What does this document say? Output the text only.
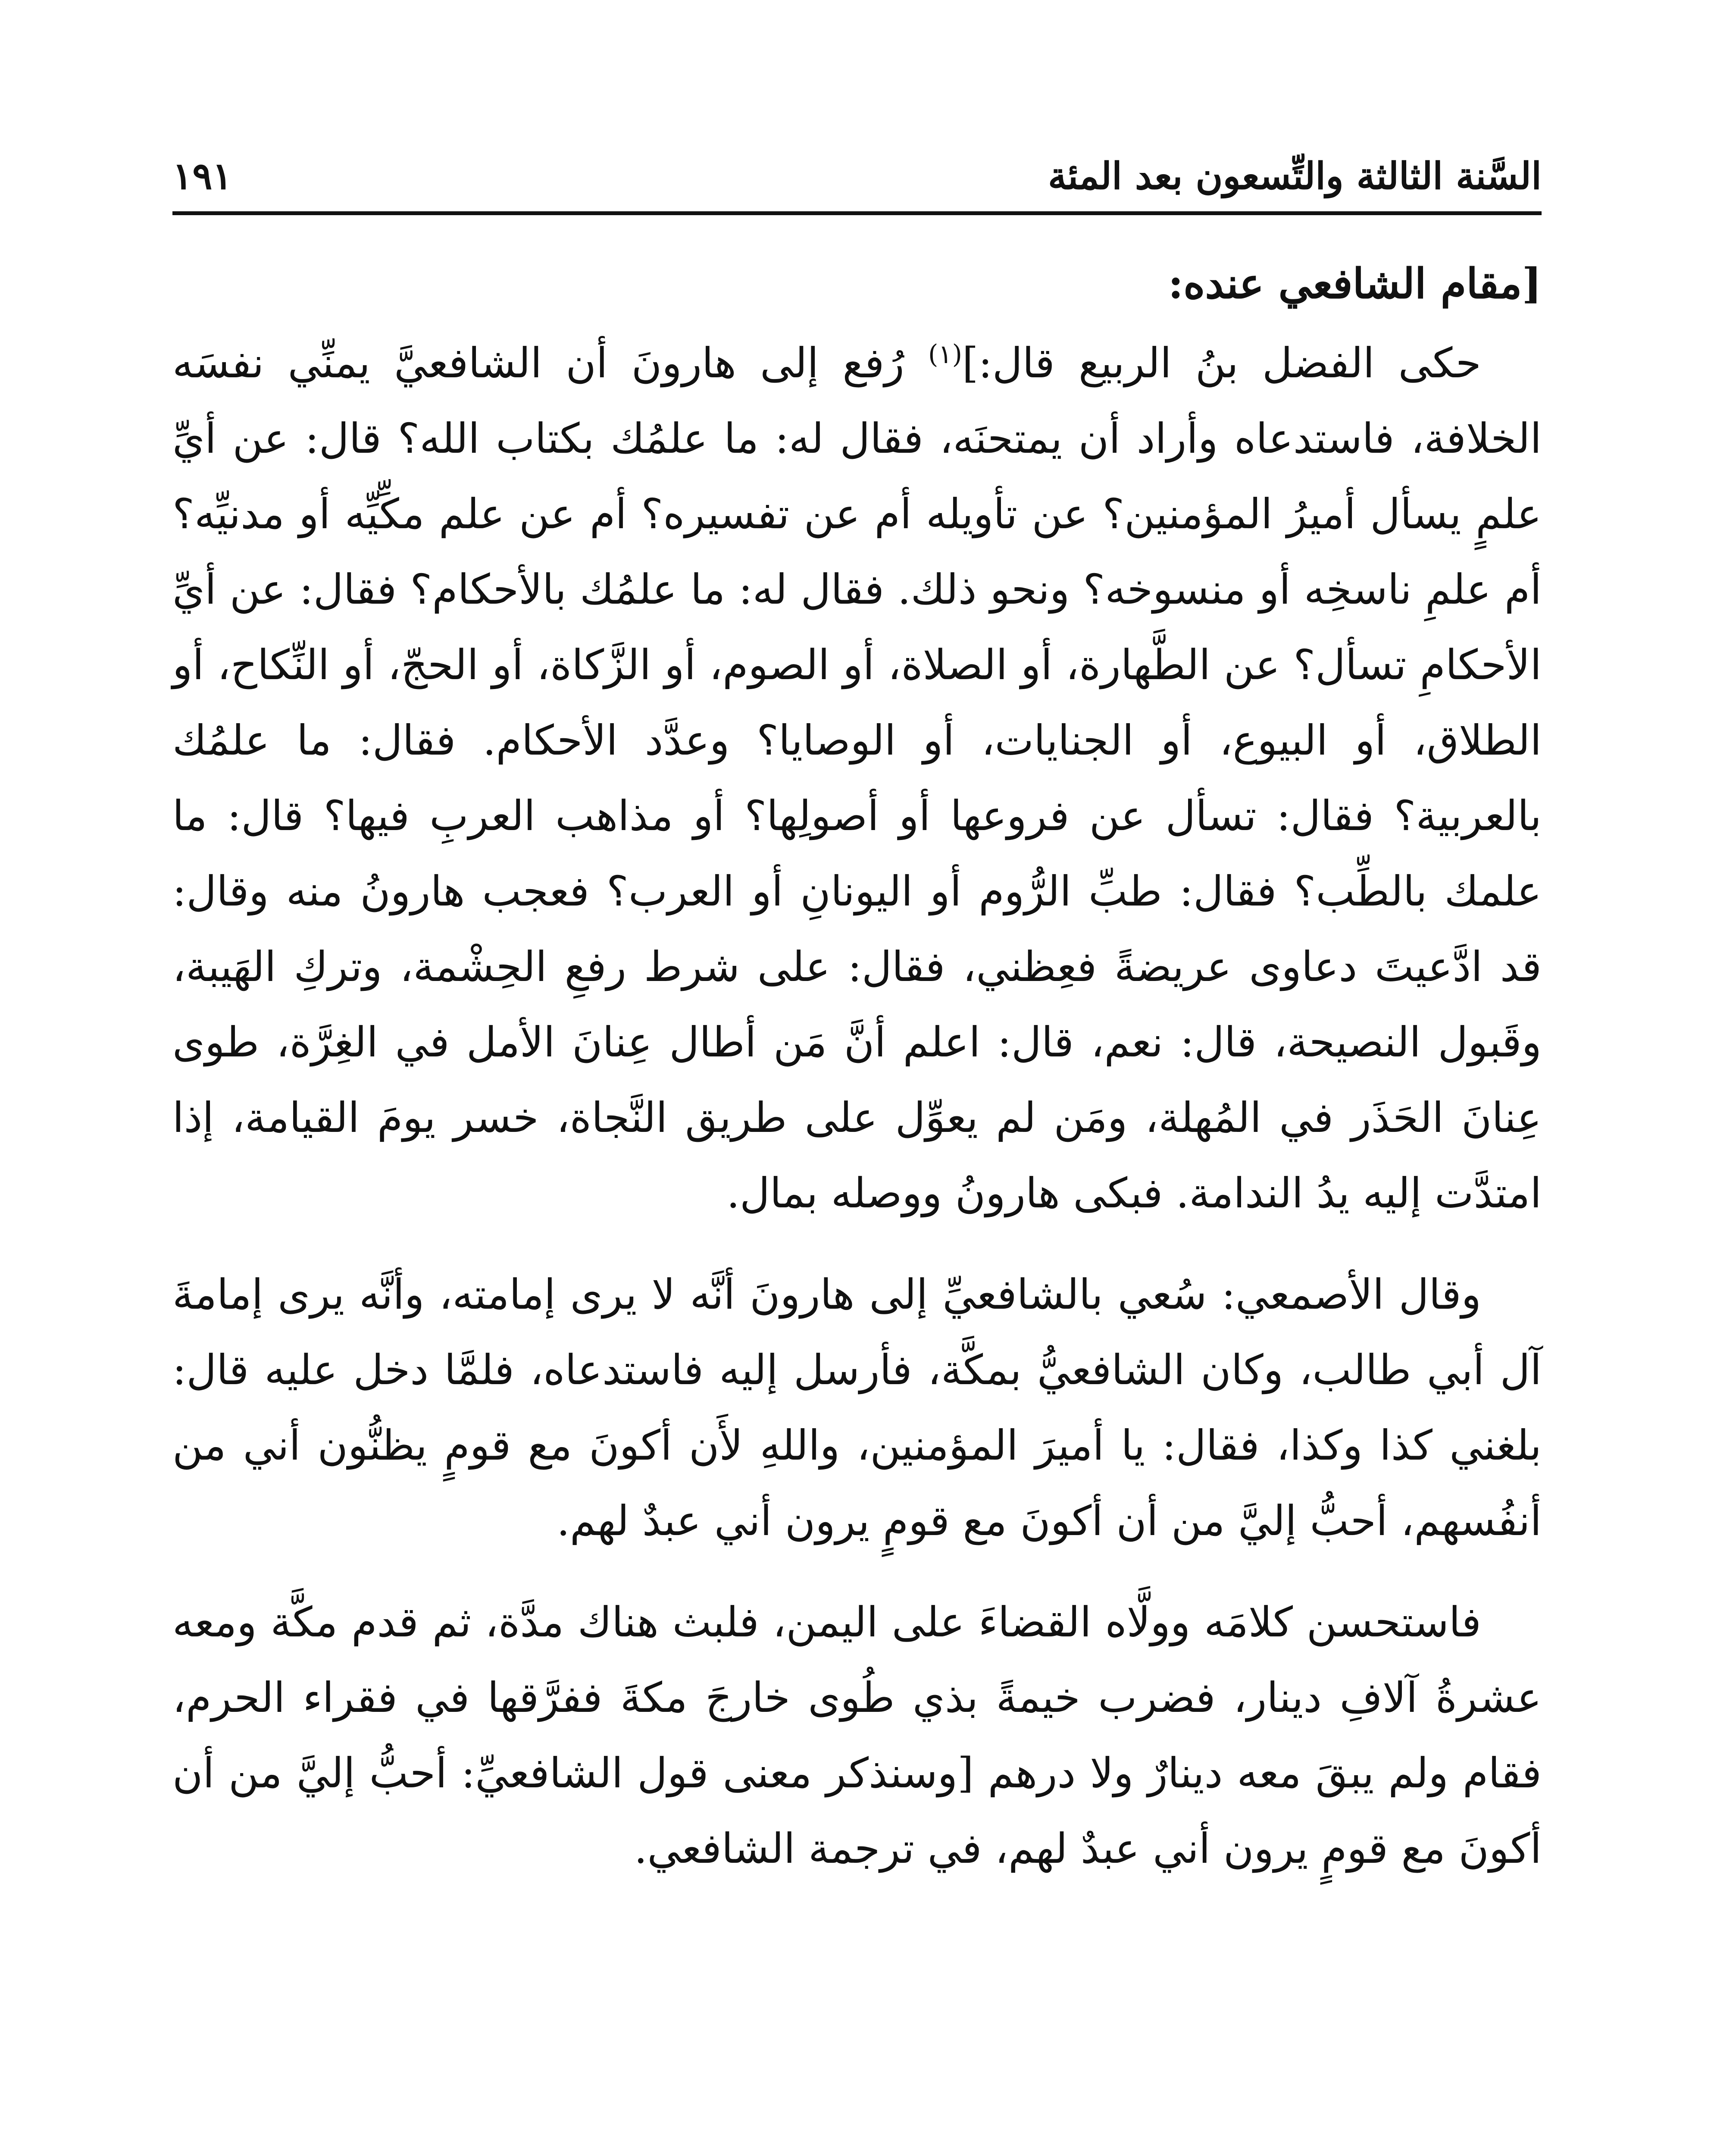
السَّنة الثالثة والتِّسعون بعد المئة
١٩١
[مقام الشافعي عنده:

حكى الفضل بنُ الربيع قال:]$^{(١)}$ رُفع إلى هارونَ أن الشافعيَّ يمنِّي نفسَه الخلافة، فاستدعاه وأراد أن يمتحنَه، فقال له: ما علمُك بكتاب الله؟ قال: عن أيِّ علمٍ يسأل أميرُ المؤمنين؟ عن تأويله أم عن تفسيره؟ أم عن علم مكِّيِّه أو مدنيِّه؟ أم علمِ ناسخِه أو منسوخه؟ ونحو ذلك. فقال له: ما علمُك بالأحكام؟ فقال: عن أيِّ الأحكامِ تسأل؟ عن الطَّهارة، أو الصلاة، أو الصوم، أو الزَّكاة، أو الحجّ، أو النِّكاح، أو الطلاق، أو البيوع، أو الجنايات، أو الوصايا؟ وعدَّد الأحكام. فقال: ما علمُك بالعربية؟ فقال: تسأل عن فروعها أو أصولِها؟ أو مذاهب العربِ فيها؟ قال: ما علمك بالطِّب؟ فقال: طبِّ الرُّوم أو اليونانِ أو العرب؟ فعجب هارونُ منه وقال: قد ادَّعيتَ دعاوى عريضةً فعِظني، فقال: على شرط رفعِ الحِشْمة، وتركِ الهَيبة، وقَبول النصيحة، قال: نعم، قال: اعلم أنَّ مَن أطال عِنانَ الأمل في الغِرَّة، طوى عِنانَ الحَذَر في المُهلة، ومَن لم يعوِّل على طريق النَّجاة، خسر يومَ القيامة، إذا امتدَّت إليه يدُ الندامة. فبكى هارونُ ووصله بمال.

وقال الأصمعي: سُعي بالشافعيِّ إلى هارونَ أنَّه لا يرى إمامته، وأنَّه يرى إمامةَ آل أبي طالب، وكان الشافعيُّ بمكَّة، فأرسل إليه فاستدعاه، فلمَّا دخل عليه قال: بلغني كذا وكذا، فقال: يا أميرَ المؤمنين، واللهِ لأَن أكونَ مع قومٍ يظنُّون أني من أنفُسهم، أحبُّ إليَّ من أن أكونَ مع قومٍ يرون أني عبدٌ لهم.

فاستحسن كلامَه وولَّاه القضاءَ على اليمن، فلبث هناك مدَّة، ثم قدم مكَّة ومعه عشرةُ آلافِ دينار، فضرب خيمةً بذي طُوى خارجَ مكةَ ففرَّقها في فقراء الحرم، فقام ولم يبقَ معه دينارٌ ولا درهم [وسنذكر معنى قول الشافعيِّ: أحبُّ إليَّ من أن أكونَ مع قومٍ يرون أني عبدٌ لهم، في ترجمة الشافعي.
